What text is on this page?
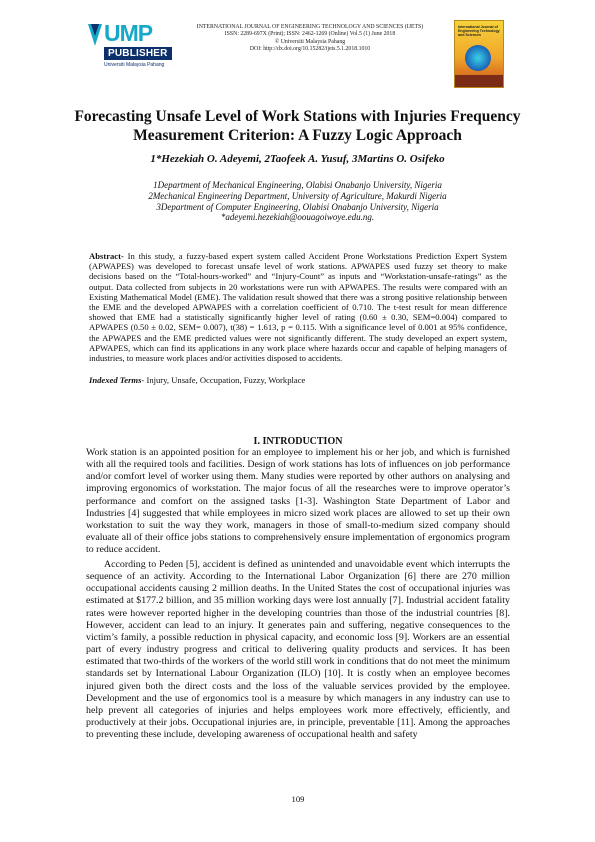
UMP
PUBLISHER
Universiti Malaysia Pahang
INTERNATIONAL JOURNAL OF ENGINEERING TECHNOLOGY AND SCIENCES (IJETS)
ISSN: 2289-697X (Print); ISSN: 2462-1269 (Online) Vol.5 (1) June 2018
© Universiti Malaysia Pahang
DOI: http://dx.doi.org/10.15282/ijets.5.1.2018.1010
International Journal of Engineering Technology and Sciences
Forecasting Unsafe Level of Work Stations with Injuries Frequency Measurement Criterion: A Fuzzy Logic Approach
1*Hezekiah O. Adeyemi, 2Taofeek A. Yusuf, 3Martins O. Osifeko
1Department of Mechanical Engineering, Olabisi Onabanjo University, Nigeria
2Mechanical Engineering Department, University of Agriculture, Makurdi Nigeria
3Department of Computer Engineering, Olabisi Onabanjo University, Nigeria
*adeyemi.hezekiah@oouagoiwoye.edu.ng.
Abstract- In this study, a fuzzy-based expert system called Accident Prone Workstations Prediction Expert System (APWAPES) was developed to forecast unsafe level of work stations. APWAPES used fuzzy set theory to make decisions based on the “Total-hours-worked” and “Injury-Count” as inputs and “Workstation-unsafe-ratings” as the output. Data collected from subjects in 20 workstations were run with APWAPES. The results were compared with an Existing Mathematical Model (EME). The validation result showed that there was a strong positive relationship between the EME and the developed APWAPES with a correlation coefficient of 0.710. The t-test result for mean difference showed that EME had a statistically significantly higher level of rating (0.60 ± 0.30, SEM=0.004) compared to APWAPES (0.50 ± 0.02, SEM= 0.007), t(38) = 1.613, p = 0.115. With a significance level of 0.001 at 95% confidence, the APWAPES and the EME predicted values were not significantly different. The study developed an expert system, APWAPES, which can find its applications in any work place where hazards occur and capable of helping managers of industries, to measure work places and/or activities disposed to accidents.
Indexed Terms- Injury, Unsafe, Occupation, Fuzzy, Workplace
I. INTRODUCTION

Work station is an appointed position for an employee to implement his or her job, and which is furnished with all the required tools and facilities. Design of work stations has lots of influences on job performance and/or comfort level of worker using them. Many studies were reported by other authors on analysing and improving ergonomics of workstation. The major focus of all the researches were to improve operator’s performance and comfort on the assigned tasks [1-3]. Washington State Department of Labor and Industries [4] suggested that while employees in micro sized work places are allowed to set up their own workstation to suit the way they work, managers in those of small-to-medium sized company should evaluate all of their office jobs stations to comprehensively ensure implementation of ergonomics program to reduce accident.

According to Peden [5], accident is defined as unintended and unavoidable event which interrupts the sequence of an activity. According to the International Labor Organization [6] there are 270 million occupational accidents causing 2 million deaths. In the United States the cost of occupational injuries was estimated at $177.2 billion, and 35 million working days were lost annually [7]. Industrial accident fatality rates were however reported higher in the developing countries than those of the industrial countries [8]. However, accident can lead to an injury. It generates pain and suffering, negative consequences to the victim’s family, a possible reduction in physical capacity, and economic loss [9]. Workers are an essential part of every industry progress and critical to delivering quality products and services. It has been estimated that two-thirds of the workers of the world still work in conditions that do not meet the minimum standards set by International Labour Organization (ILO) [10]. It is costly when an employee becomes injured given both the direct costs and the loss of the valuable services provided by the employee. Development and the use of ergonomics tool is a measure by which managers in any industry can use to help prevent all categories of injuries and helps employees work more effectively, efficiently, and productively at their jobs. Occupational injuries are, in principle, preventable [11]. Among the approaches to preventing these include, developing awareness of occupational health and safety

109
